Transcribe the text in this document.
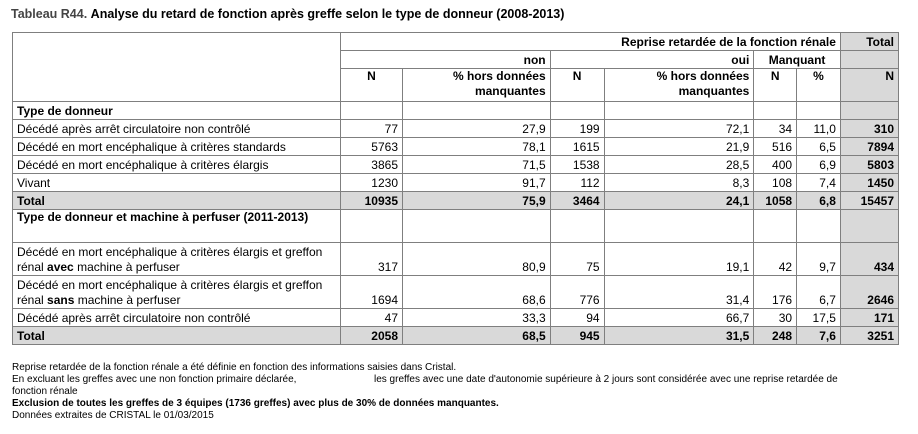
Tableau R44. Analyse du retard de fonction après greffe selon le type de donneur (2008-2013)
	Reprise retardée de la fonction rénale						Total
	non		oui		Manquant		
	N	% hors données manquantes	N	% hors données manquantes	N	%	N
Type de donneur							
Décédé après arrêt circulatoire non contrôlé	77	27,9	199	72,1	34	11,0	310
Décédé en mort encéphalique à critères standards	5763	78,1	1615	21,9	516	6,5	7894
Décédé en mort encéphalique à critères élargis	3865	71,5	1538	28,5	400	6,9	5803
Vivant	1230	91,7	112	8,3	108	7,4	1450
Total	10935	75,9	3464	24,1	1058	6,8	15457
Type de donneur et machine à perfuser (2011-2013)							
Décédé en mort encéphalique à critères élargis et greffon rénal avec machine à perfuser	317	80,9	75	19,1	42	9,7	434
Décédé en mort encéphalique à critères élargis et greffon rénal sans machine à perfuser	1694	68,6	776	31,4	176	6,7	2646
Décédé après arrêt circulatoire non contrôlé	47	33,3	94	66,7	30	17,5	171
Total	2058	68,5	945	31,5	248	7,6	3251
Reprise retardée de la fonction rénale a été définie en fonction des informations saisies dans Cristal.
En excluant les greffes avec une non fonction primaire déclarée,	les greffes avec une date d'autonomie supérieure à 2 jours sont considérée avec une reprise retardée de
fonction rénale
Exclusion de toutes les greffes de 3 équipes (1736 greffes) avec plus de 30% de données manquantes.
Données extraites de CRISTAL le 01/03/2015
